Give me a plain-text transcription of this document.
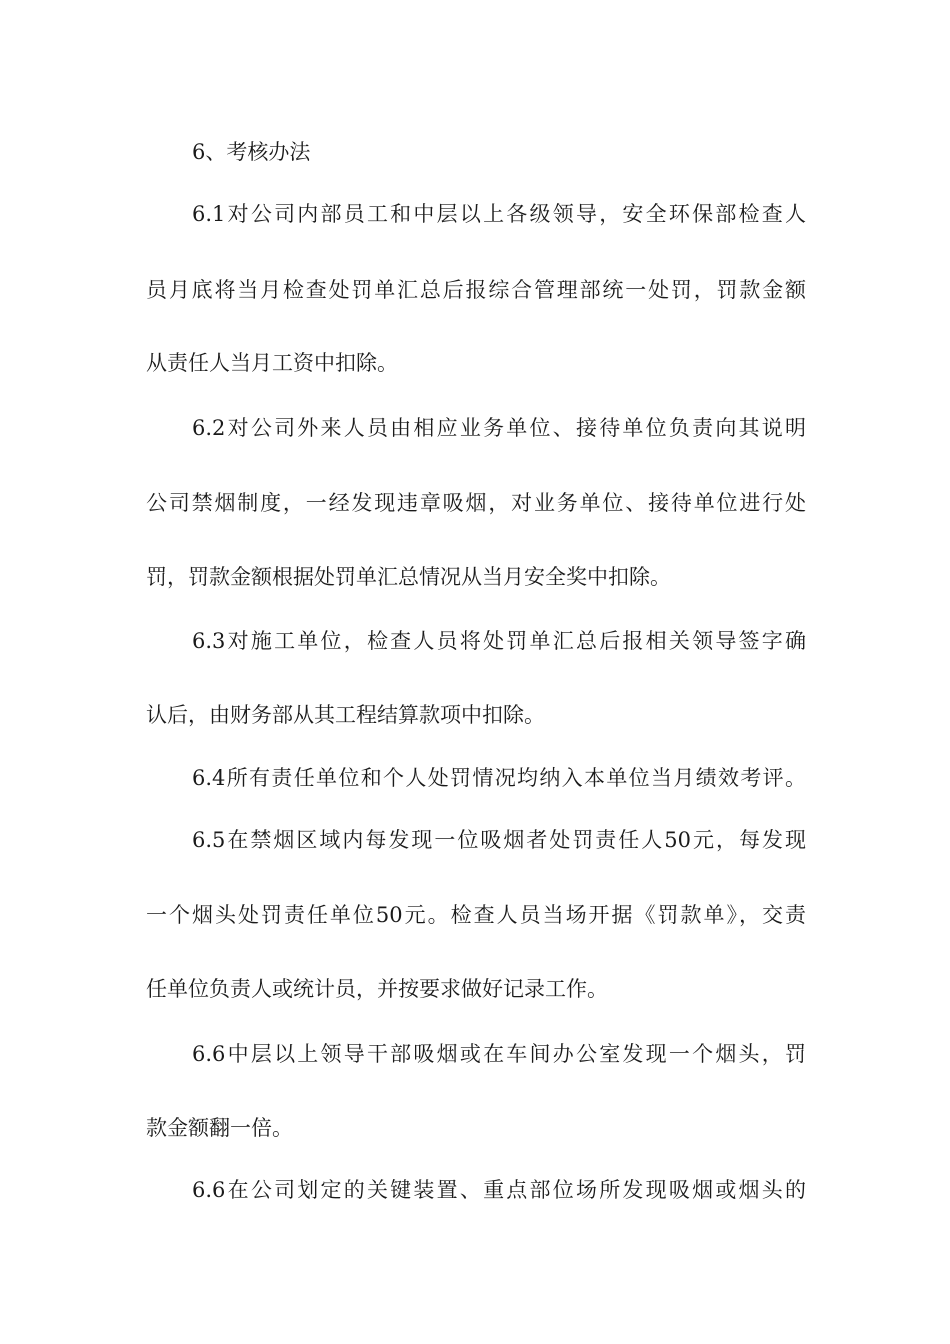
6、考核办法
6.1对公司内部员工和中层以上各级领导，安全环保部检查人
员月底将当月检查处罚单汇总后报综合管理部统一处罚，罚款金额
从责任人当月工资中扣除。
6.2对公司外来人员由相应业务单位、接待单位负责向其说明
公司禁烟制度，一经发现违章吸烟，对业务单位、接待单位进行处
罚，罚款金额根据处罚单汇总情况从当月安全奖中扣除。
6.3对施工单位，检查人员将处罚单汇总后报相关领导签字确
认后，由财务部从其工程结算款项中扣除。
6.4所有责任单位和个人处罚情况均纳入本单位当月绩效考评。
6.5在禁烟区域内每发现一位吸烟者处罚责任人50元，每发现
一个烟头处罚责任单位50元。检查人员当场开据《罚款单》，交责
任单位负责人或统计员，并按要求做好记录工作。
6.6中层以上领导干部吸烟或在车间办公室发现一个烟头，罚
款金额翻一倍。
6.6在公司划定的关键装置、重点部位场所发现吸烟或烟头的
